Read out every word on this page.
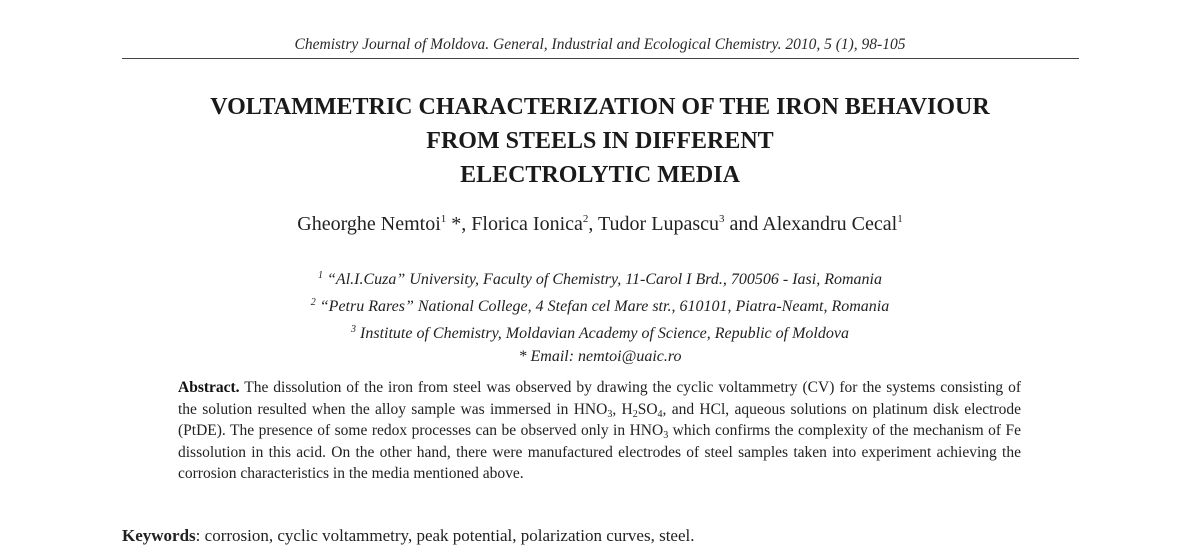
Chemistry Journal of Moldova. General, Industrial and Ecological Chemistry. 2010, 5 (1), 98-105
VOLTAMMETRIC CHARACTERIZATION OF THE IRON BEHAVIOUR
FROM STEELS IN DIFFERENT
ELECTROLYTIC MEDIA
Gheorghe Nemtoi$^1$ *, Florica Ionica$^2$, Tudor Lupascu$^3$ and Alexandru Cecal$^1$
$^1$ “Al.I.Cuza” University, Faculty of Chemistry, 11-Carol I Brd., 700506 - Iasi, Romania
$^2$ “Petru Rares” National College, 4 Stefan cel Mare str., 610101, Piatra-Neamt, Romania
$^3$ Institute of Chemistry, Moldavian Academy of Science, Republic of Moldova
* Email: nemtoi@uaic.ro
Abstract. The dissolution of the iron from steel was observed by drawing the cyclic voltammetry (CV) for the systems consisting of the solution resulted when the alloy sample was immersed in $HNO_3$, $H_2SO_4$, and HCl, aqueous solutions on platinum disk electrode (PtDE). The presence of some redox processes can be observed only in $HNO_3$ which confirms the complexity of the mechanism of Fe dissolution in this acid. On the other hand, there were manufactured electrodes of steel samples taken into experiment achieving the corrosion characteristics in the media mentioned above.
Keywords: corrosion, cyclic voltammetry, peak potential, polarization curves, steel.
